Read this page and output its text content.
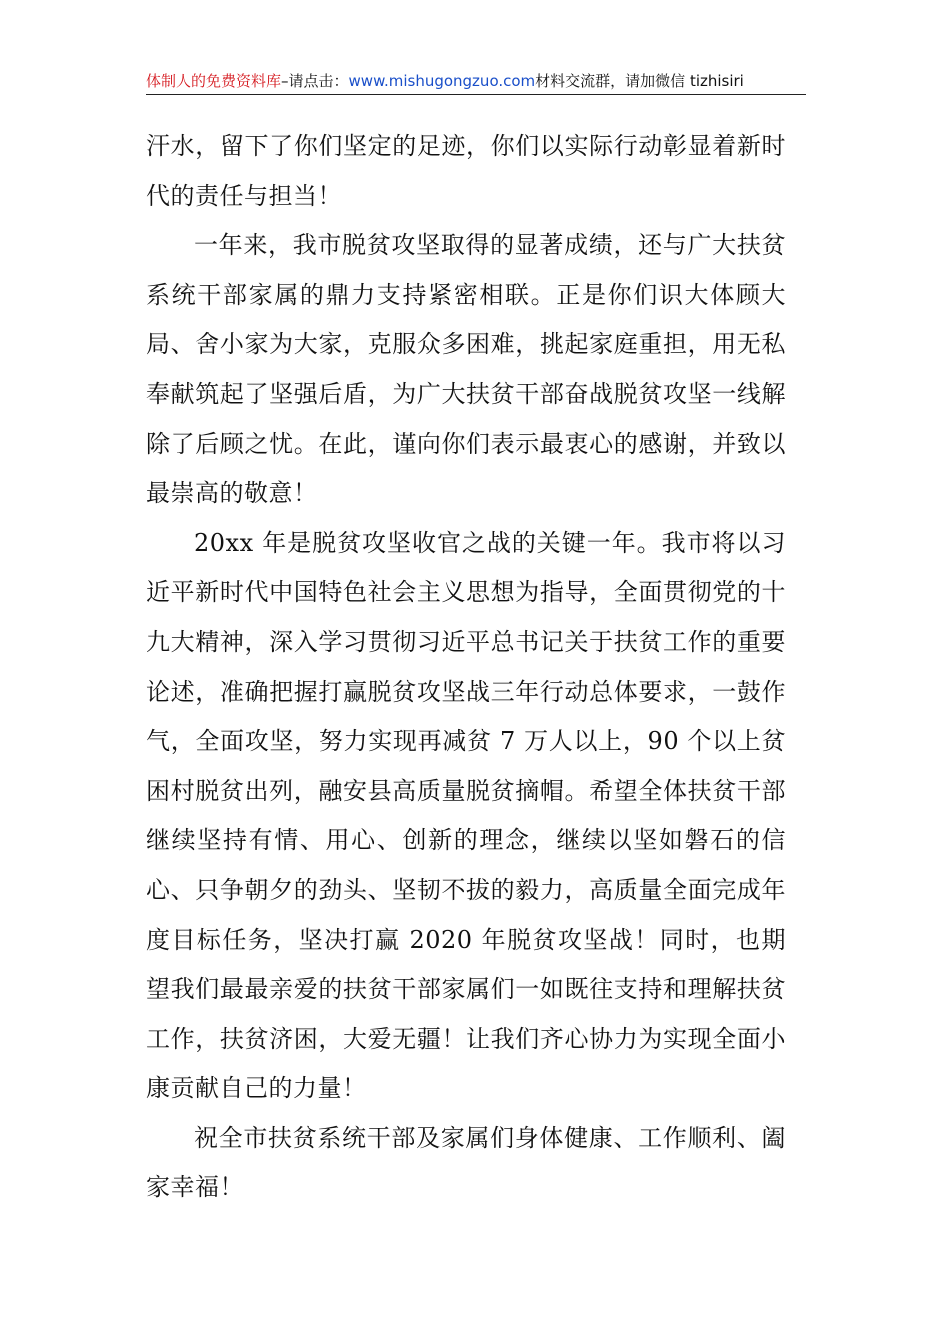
体制人的免费资料库–请点击：www.mishugongzuo.com材料交流群，请加微信 tizhisiri

汗水，留下了你们坚定的足迹，你们以实际行动彰显着新时代的责任与担当！

一年来，我市脱贫攻坚取得的显著成绩，还与广大扶贫系统干部家属的鼎力支持紧密相联。正是你们识大体顾大局、舍小家为大家，克服众多困难，挑起家庭重担，用无私奉献筑起了坚强后盾，为广大扶贫干部奋战脱贫攻坚一线解除了后顾之忧。在此，谨向你们表示最衷心的感谢，并致以最崇高的敬意！

20xx 年是脱贫攻坚收官之战的关键一年。我市将以习近平新时代中国特色社会主义思想为指导，全面贯彻党的十九大精神，深入学习贯彻习近平总书记关于扶贫工作的重要论述，准确把握打赢脱贫攻坚战三年行动总体要求，一鼓作气，全面攻坚，努力实现再减贫 7 万人以上，90 个以上贫困村脱贫出列，融安县高质量脱贫摘帽。希望全体扶贫干部继续坚持有情、用心、创新的理念，继续以坚如磐石的信心、只争朝夕的劲头、坚韧不拔的毅力，高质量全面完成年度目标任务，坚决打赢 2020 年脱贫攻坚战！同时，也期望我们最最亲爱的扶贫干部家属们一如既往支持和理解扶贫工作，扶贫济困，大爱无疆！让我们齐心协力为实现全面小康贡献自己的力量！

祝全市扶贫系统干部及家属们身体健康、工作顺利、阖家幸福！
